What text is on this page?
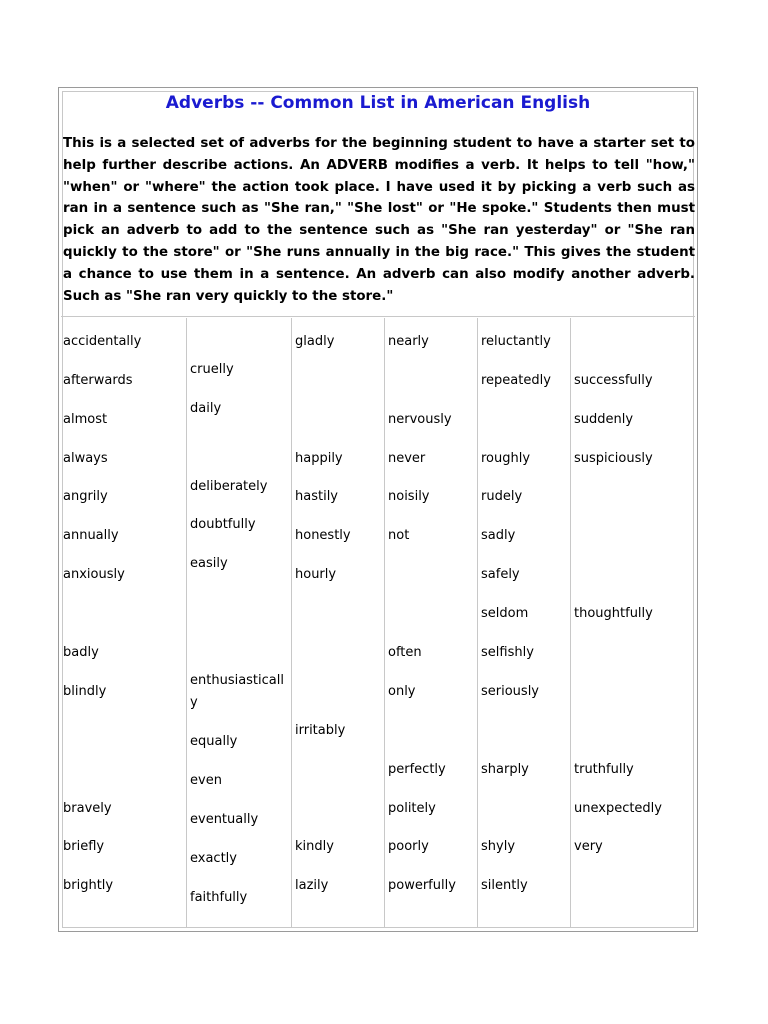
Adverbs -- Common List in American English
This is a selected set of adverbs for the beginning student to have a starter set to help further describe actions. An ADVERB modifies a verb. It helps to tell "how," "when" or "where" the action took place. I have used it by picking a verb such as ran in a sentence such as "She ran," "She lost" or "He spoke." Students then must pick an adverb to add to the sentence such as "She ran yesterday" or "She ran quickly to the store" or "She runs annually in the big race." This gives the student a chance to use them in a sentence. An adverb can also modify another adverb. Such as "She ran very quickly to the store."
accidentally
afterwards
almost
always
angrily
annually
anxiously
badly
blindly
bravely
briefly
brightly
cruelly
daily
deliberately
doubtfully
easily
enthusiasticall
y
equally
even
eventually
exactly
faithfully
gladly
happily
hastily
honestly
hourly
irritably
kindly
lazily
nearly
nervously
never
noisily
not
often
only
perfectly
politely
poorly
powerfully
reluctantly
repeatedly
roughly
rudely
sadly
safely
seldom
selfishly
seriously
sharply
shyly
silently
successfully
suddenly
suspiciously
thoughtfully
truthfully
unexpectedly
very
